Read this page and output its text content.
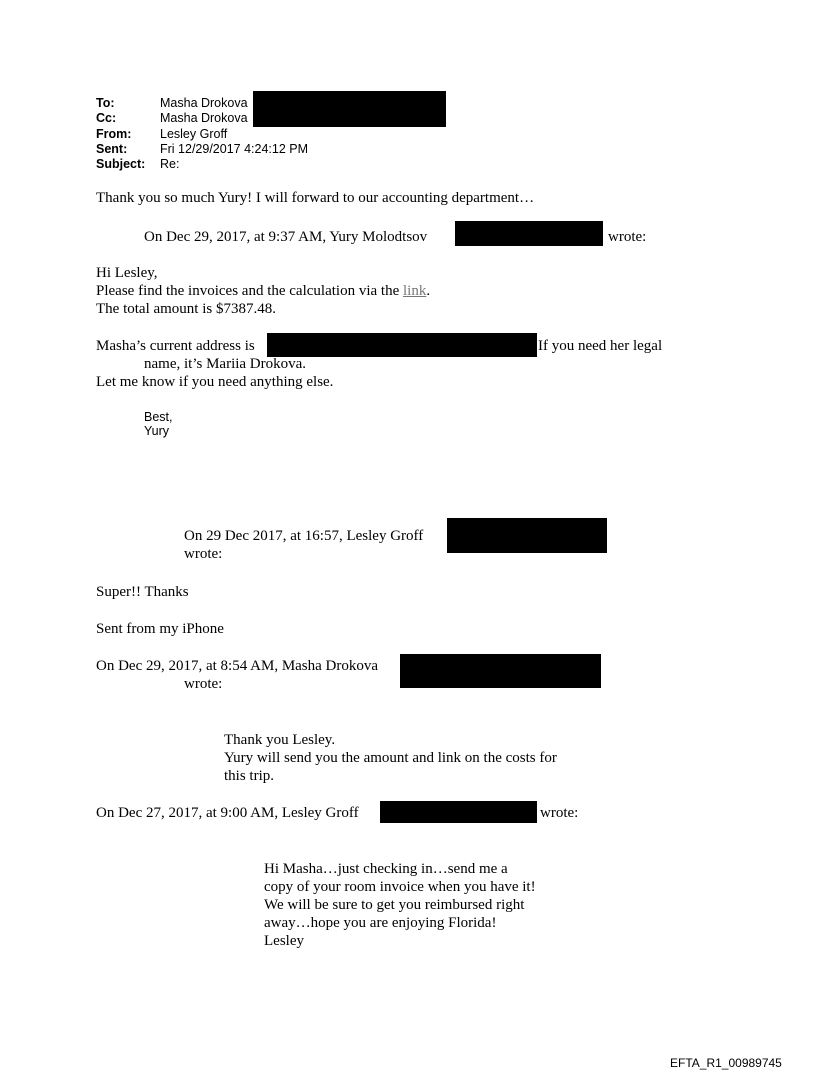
To:	Masha Drokova
Cc:	Masha Drokova
From: Lesley Groff
Sent:	Fri 12/29/2017 4:24:12 PM
Subject: Re:
Thank you so much Yury! I will forward to our accounting department…
On Dec 29, 2017, at 9:37 AM, Yury Molodtsov	wrote:
Hi Lesley,
Please find the invoices and the calculation via the link.
The total amount is $7387.48.
Masha’s current address is	If you need her legal
name, it’s Mariia Drokova.
Let me know if you need anything else.
Best,
Yury
On 29 Dec 2017, at 16:57, Lesley Groff
wrote:
Super!! Thanks
Sent from my iPhone
On Dec 29, 2017, at 8:54 AM, Masha Drokova
wrote:
Thank you Lesley.
Yury will send you the amount and link on the costs for
this trip.
On Dec 27, 2017, at 9:00 AM, Lesley Groff	wrote:
Hi Masha…just checking in…send me a
copy of your room invoice when you have it!
We will be sure to get you reimbursed right
away…hope you are enjoying Florida!
Lesley
EFTA_R1_00989745
